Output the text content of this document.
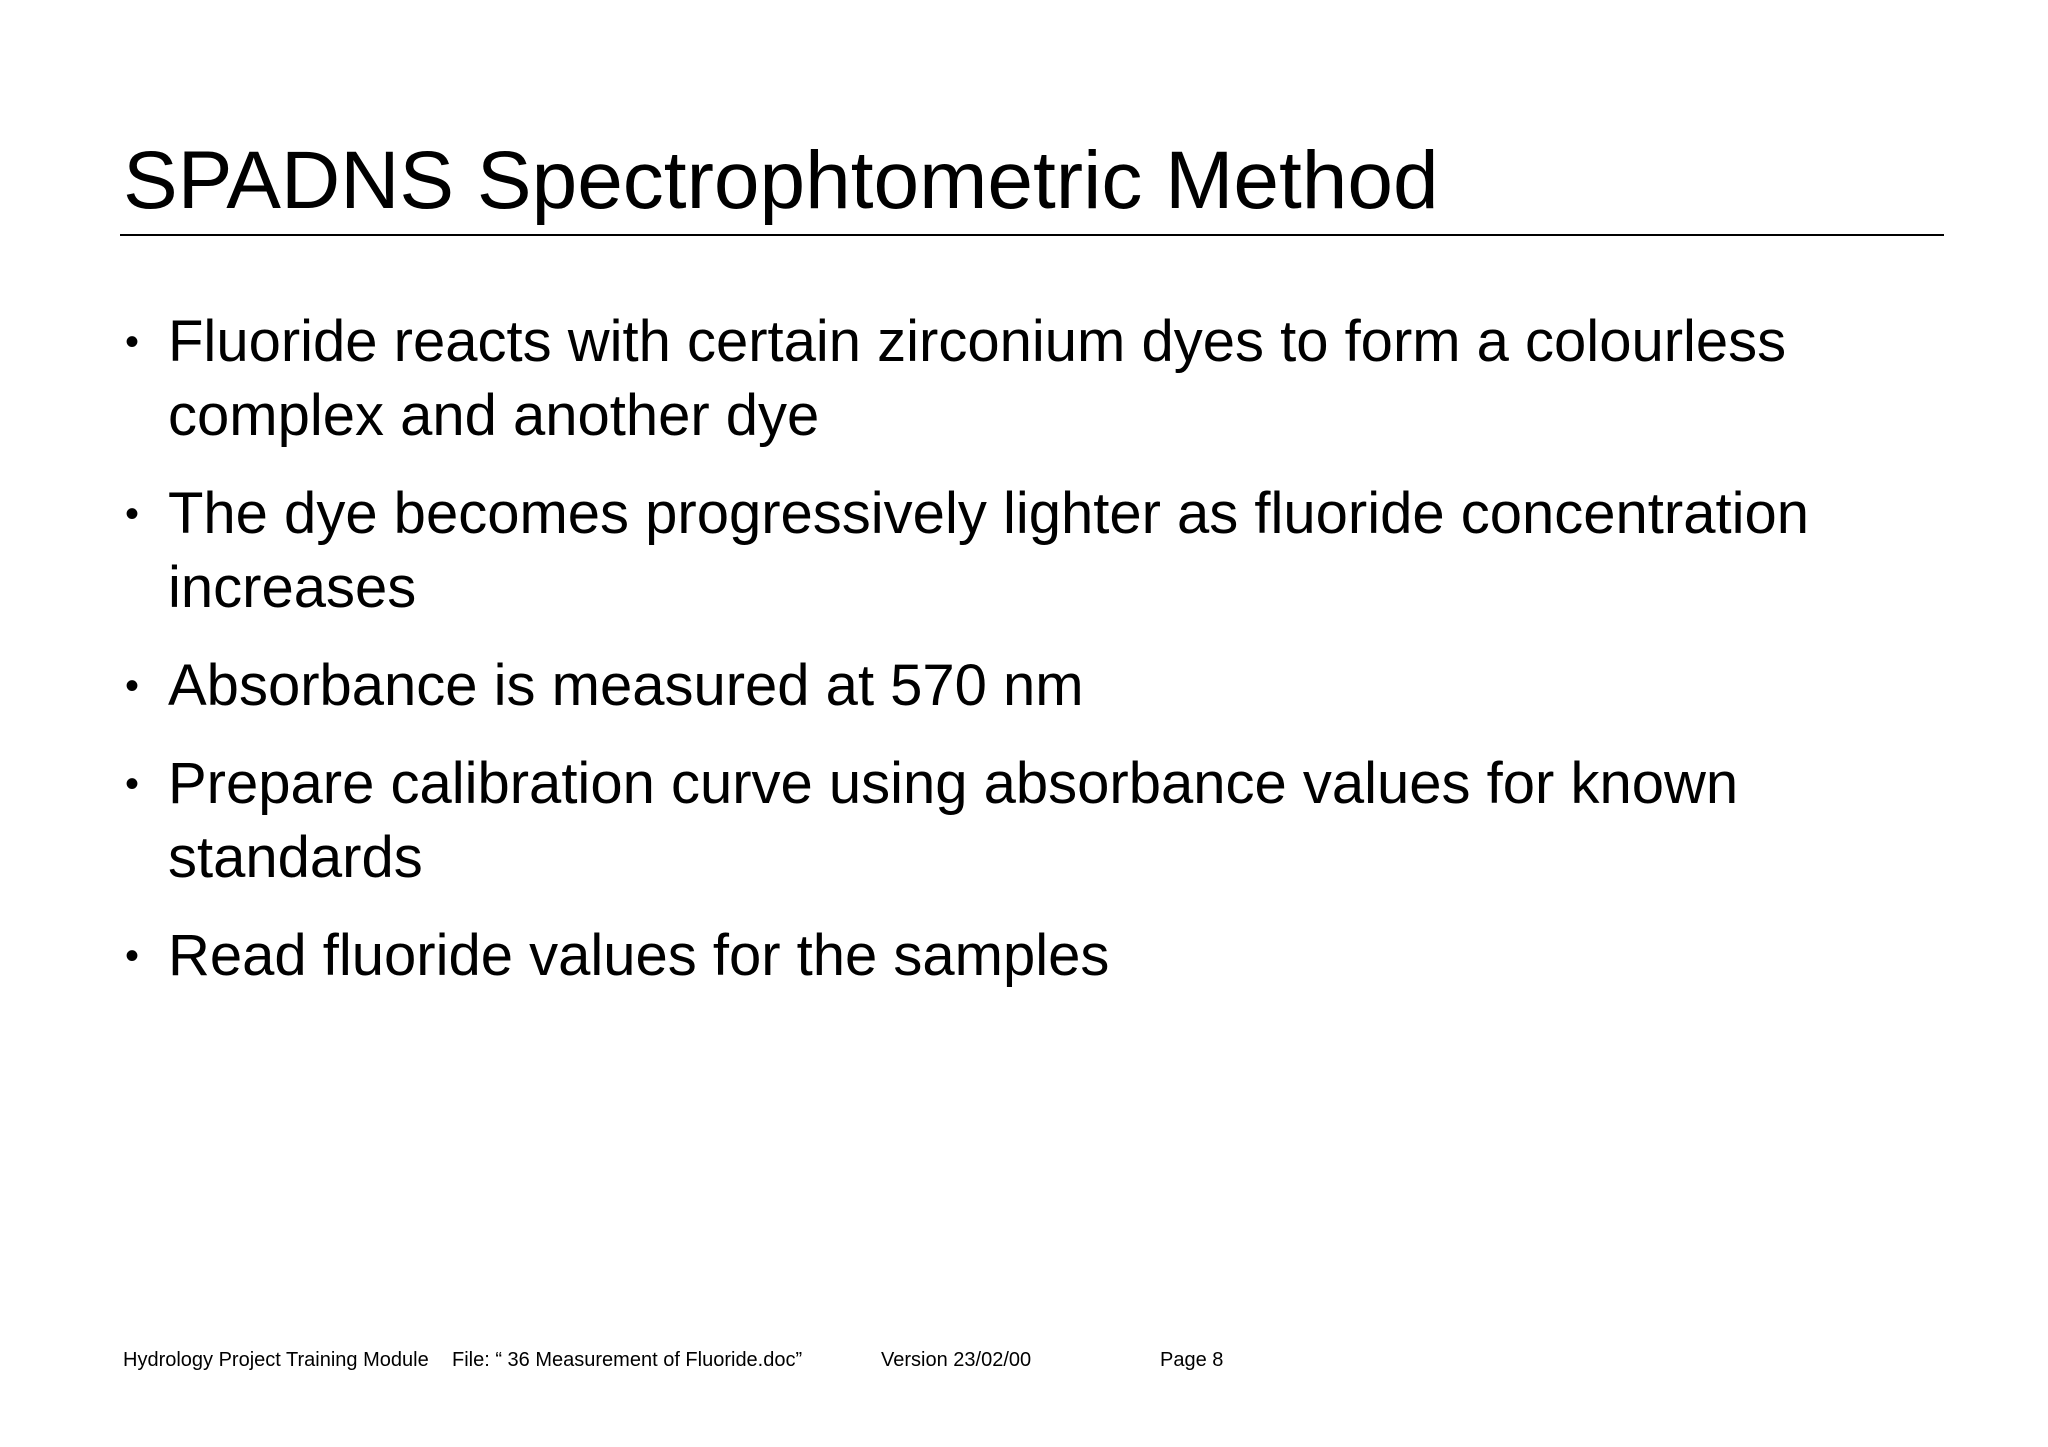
SPADNS Spectrophtometric Method
• Fluoride reacts with certain zirconium dyes to form a colourless complex and another dye
• The dye becomes progressively lighter as fluoride concentration increases
• Absorbance is measured at 570 nm
• Prepare calibration curve using absorbance values for known standards
• Read fluoride values for the samples
Hydrology Project Training Module File: “ 36 Measurement of Fluoride.doc”	Version 23/02/00	Page 8
